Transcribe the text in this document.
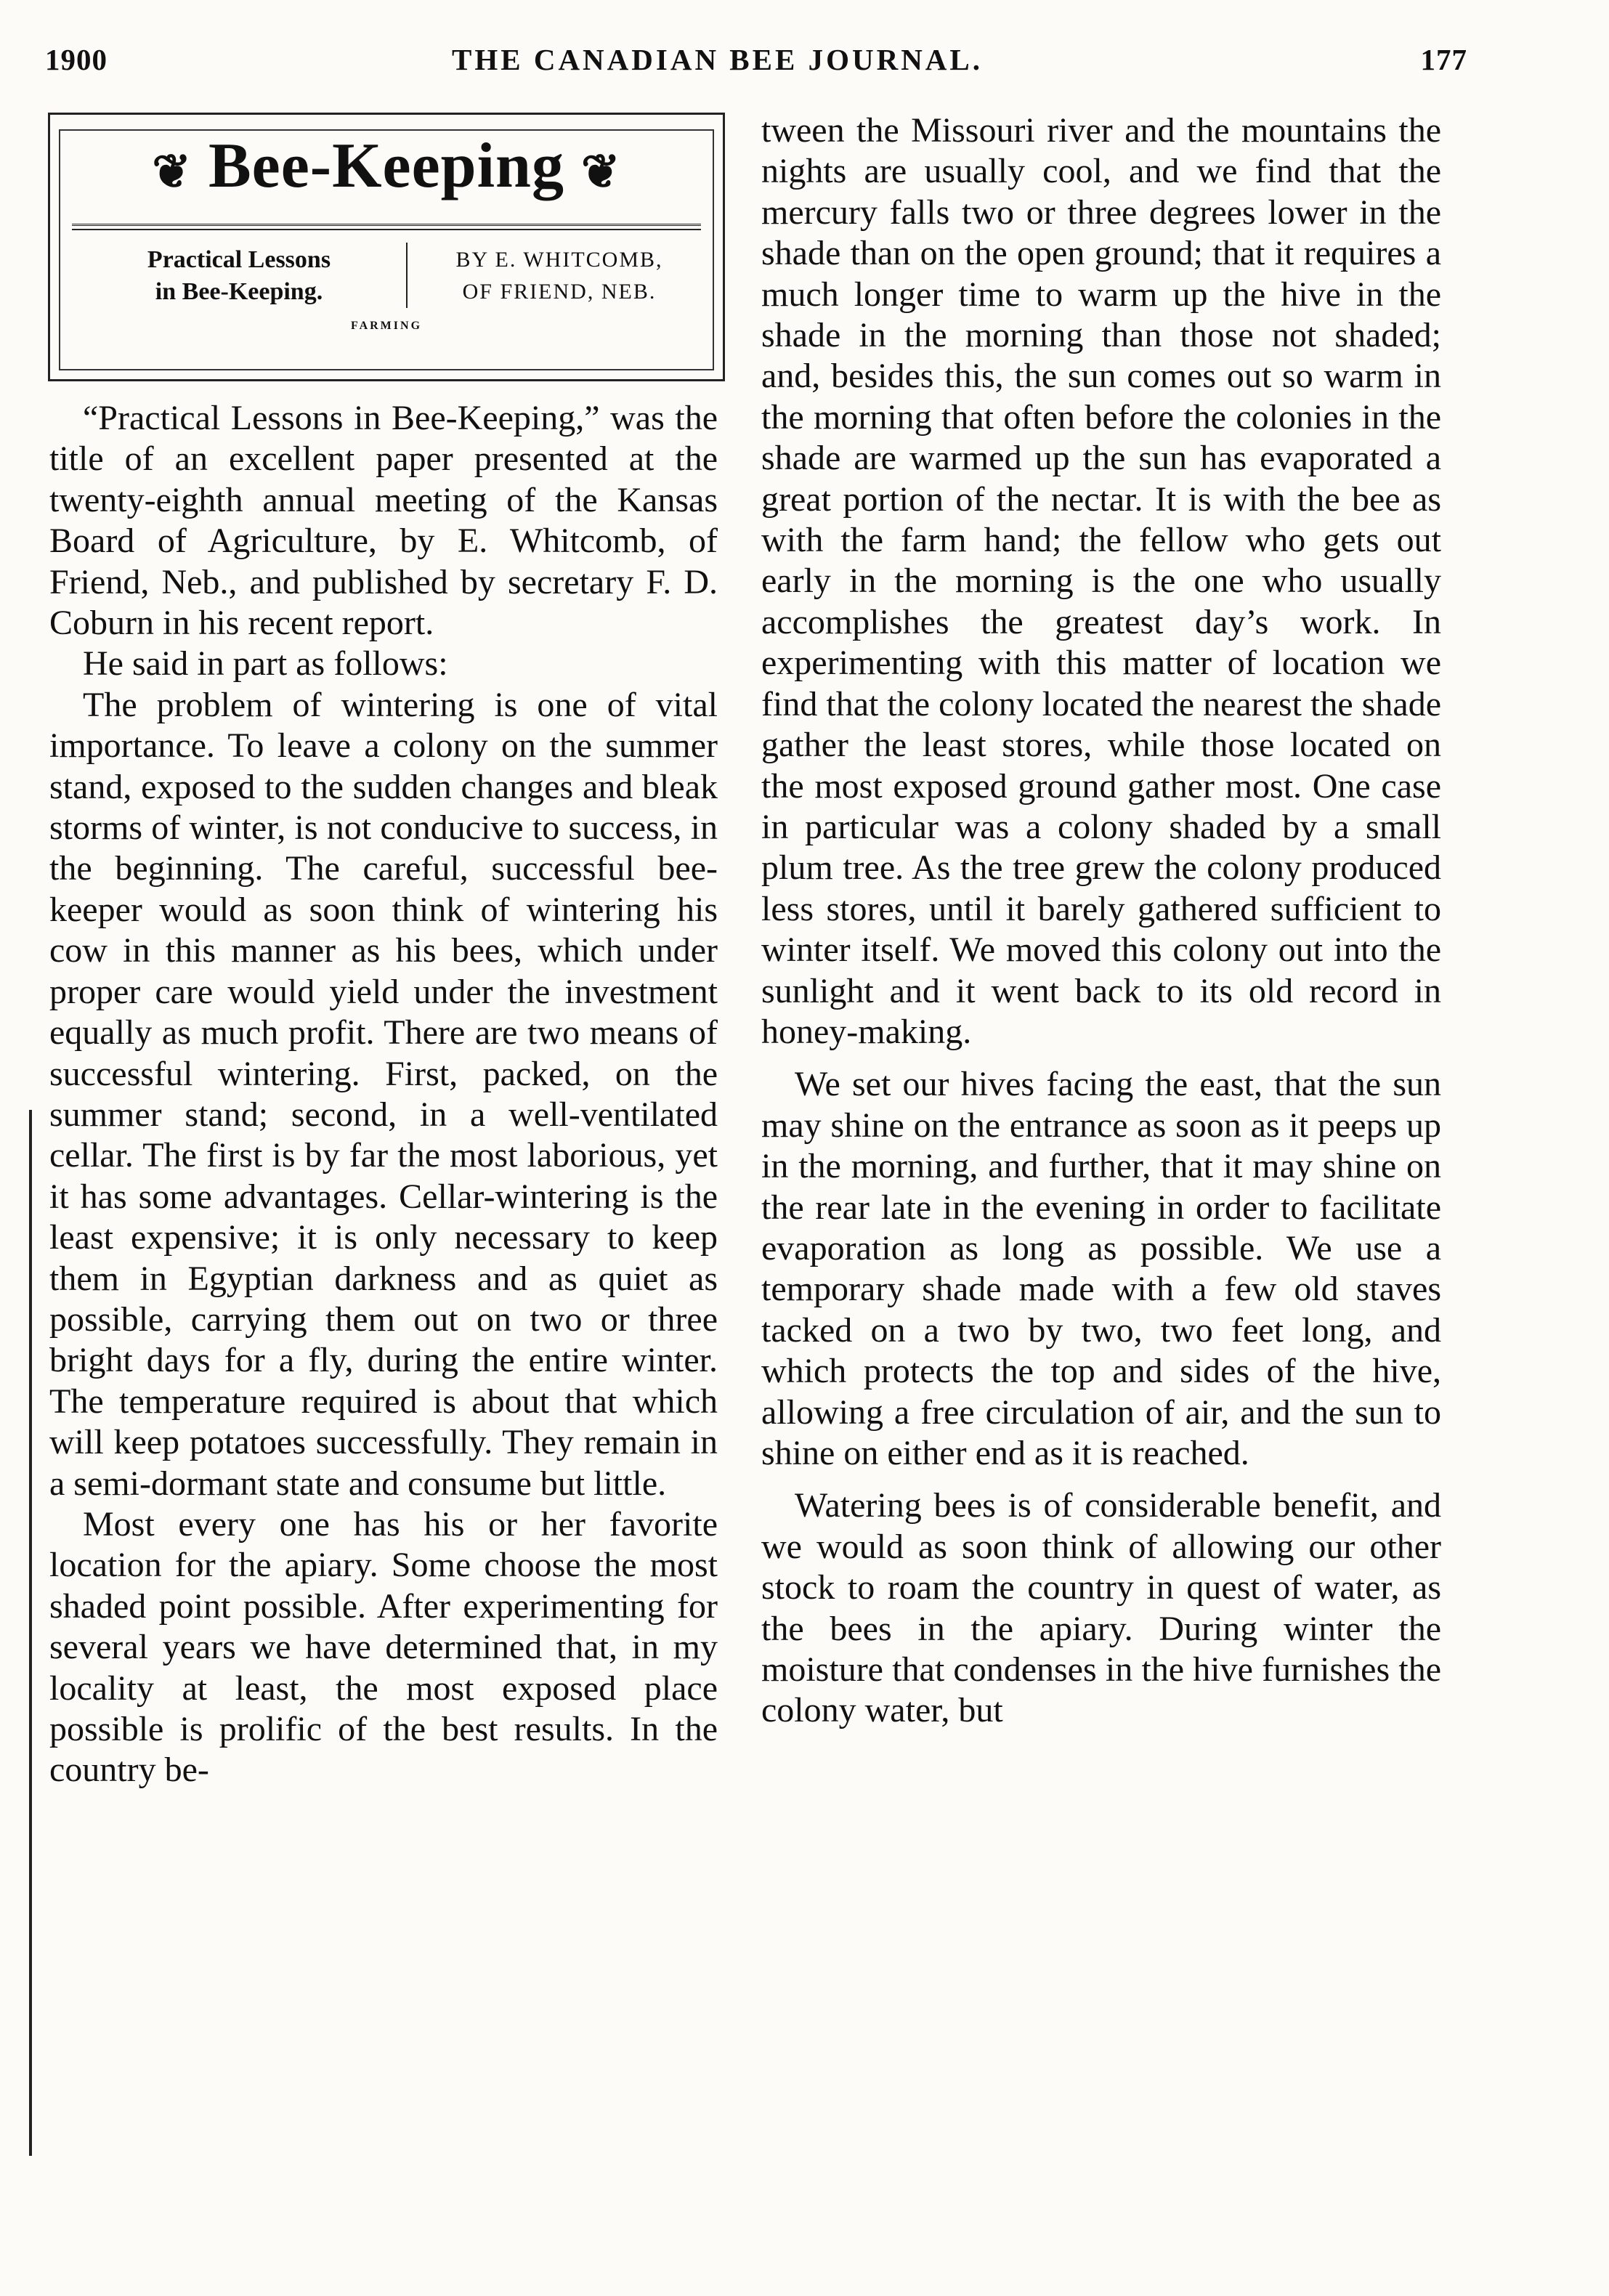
1900	THE CANADIAN BEE JOURNAL.	177
❦ Bee-Keeping ❦
Practical Lessons
in Bee-Keeping.
BY E. WHITCOMB,
OF FRIEND, NEB.
FARMING

“Practical Lessons in Bee-Keeping,” was the title of an excellent paper presented at the twenty-eighth annual meeting of the Kansas Board of Agriculture, by E. Whitcomb, of Friend, Neb., and published by secretary F. D. Coburn in his recent report.

He said in part as follows:

The problem of wintering is one of vital importance. To leave a colony on the summer stand, exposed to the sudden changes and bleak storms of winter, is not conducive to success, in the beginning. The careful, successful bee-keeper would as soon think of wintering his cow in this manner as his bees, which under proper care would yield under the investment equally as much profit. There are two means of successful wintering. First, packed, on the summer stand; second, in a well-ventilated cellar. The first is by far the most laborious, yet it has some advantages. Cellar-wintering is the least expensive; it is only necessary to keep them in Egyptian darkness and as quiet as possible, carrying them out on two or three bright days for a fly, during the entire winter. The temperature required is about that which will keep potatoes successfully. They remain in a semi-dormant state and consume but little.

Most every one has his or her favorite location for the apiary. Some choose the most shaded point possible. After experimenting for several years we have determined that, in my locality at least, the most exposed place possible is prolific of the best results. In the country be-

tween the Missouri river and the mountains the nights are usually cool, and we find that the mercury falls two or three degrees lower in the shade than on the open ground; that it requires a much longer time to warm up the hive in the shade in the morning than those not shaded; and, besides this, the sun comes out so warm in the morning that often before the colonies in the shade are warmed up the sun has evaporated a great portion of the nectar. It is with the bee as with the farm hand; the fellow who gets out early in the morning is the one who usually accomplishes the greatest day’s work. In experimenting with this matter of location we find that the colony located the nearest the shade gather the least stores, while those located on the most exposed ground gather most. One case in particular was a colony shaded by a small plum tree. As the tree grew the colony produced less stores, until it barely gathered sufficient to winter itself. We moved this colony out into the sunlight and it went back to its old record in honey-making.

We set our hives facing the east, that the sun may shine on the entrance as soon as it peeps up in the morning, and further, that it may shine on the rear late in the evening in order to facilitate evaporation as long as possible. We use a temporary shade made with a few old staves tacked on a two by two, two feet long, and which protects the top and sides of the hive, allowing a free circulation of air, and the sun to shine on either end as it is reached.

Watering bees is of considerable benefit, and we would as soon think of allowing our other stock to roam the country in quest of water, as the bees in the apiary. During winter the moisture that condenses in the hive furnishes the colony water, but
